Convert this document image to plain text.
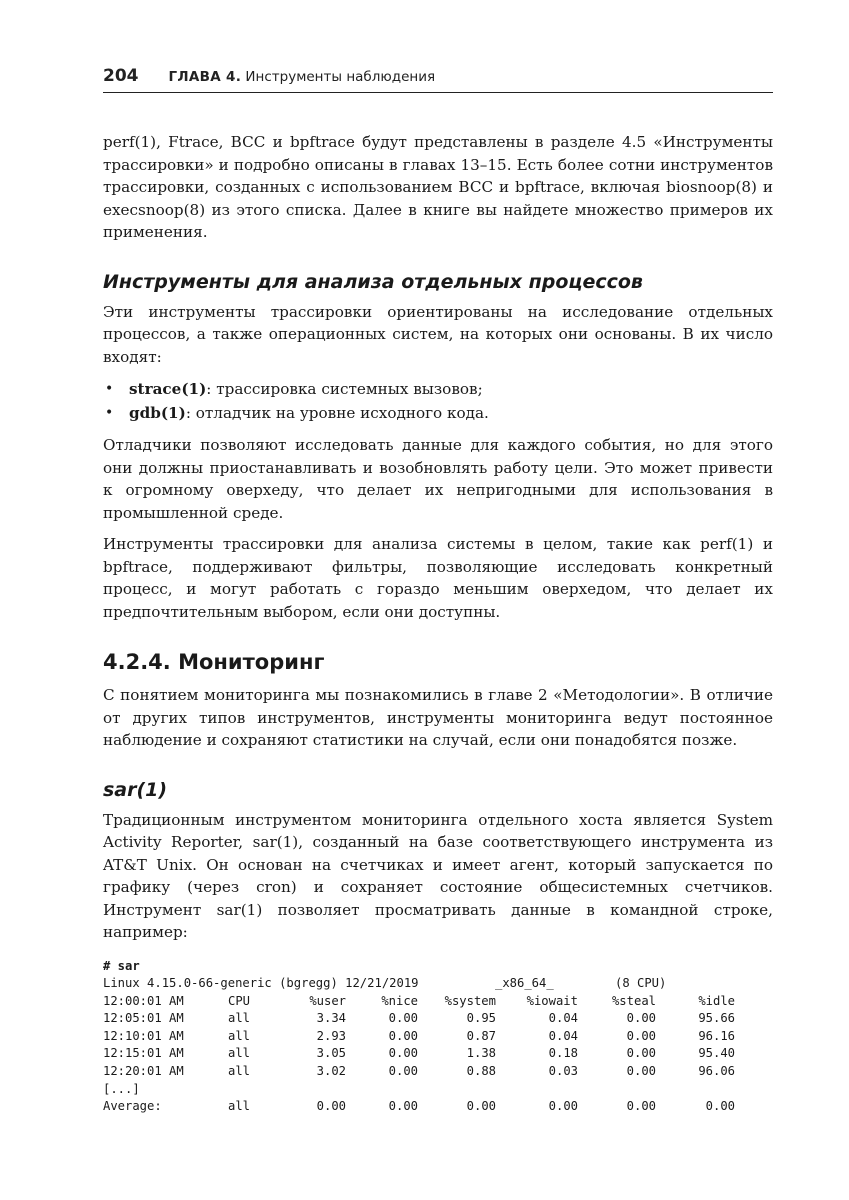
204 ГЛАВА 4. Инструменты наблюдения

perf(1), Ftrace, BCC и bpftrace будут представлены в разделе 4.5 «Инструменты трассировки» и подробно описаны в главах 13–15. Есть более сотни инструментов трассировки, созданных с использованием BCC и bpftrace, включая biosnoop(8) и execsnoop(8) из этого списка. Далее в книге вы найдете множество примеров их применения.

Инструменты для анализа отдельных процессов

Эти инструменты трассировки ориентированы на исследование отдельных процессов, а также операционных систем, на которых они основаны. В их число входят:

• strace(1): трассировка системных вызовов;
• gdb(1): отладчик на уровне исходного кода.

Отладчики позволяют исследовать данные для каждого события, но для этого они должны приостанавливать и возобновлять работу цели. Это может привести к огромному оверхеду, что делает их непригодными для использования в промышленной среде.

Инструменты трассировки для анализа системы в целом, такие как perf(1) и bpftrace, поддерживают фильтры, позволяющие исследовать конкретный процесс, и могут работать с гораздо меньшим оверхедом, что делает их предпочтительным выбором, если они доступны.

4.2.4. Мониторинг

С понятием мониторинга мы познакомились в главе 2 «Методологии». В отличие от других типов инструментов, инструменты мониторинга ведут постоянное наблюдение и сохраняют статистики на случай, если они понадобятся позже.

sar(1)

Традиционным инструментом мониторинга отдельного хоста является System Activity Reporter, sar(1), созданный на базе соответствующего инструмента из AT&T Unix. Он основан на счетчиках и имеет агент, который запускается по графику (через cron) и сохраняет состояние общесистемных счетчиков. Инструмент sar(1) позволяет просматривать данные в командной строке, например:

# sar
Linux 4.15.0-66-generic (bgregg) 12/21/2019	_x86_64_	(8 CPU)
12:00:01 AM	CPU	%user	%nice	%system	%iowait	%steal	%idle
12:05:01 AM	all	3.34	0.00	0.95	0.04	0.00	95.66
12:10:01 AM	all	2.93	0.00	0.87	0.04	0.00	96.16
12:15:01 AM	all	3.05	0.00	1.38	0.18	0.00	95.40
12:20:01 AM	all	3.02	0.00	0.88	0.03	0.00	96.06
[...]							
Average:	all	0.00	0.00	0.00	0.00	0.00	0.00
